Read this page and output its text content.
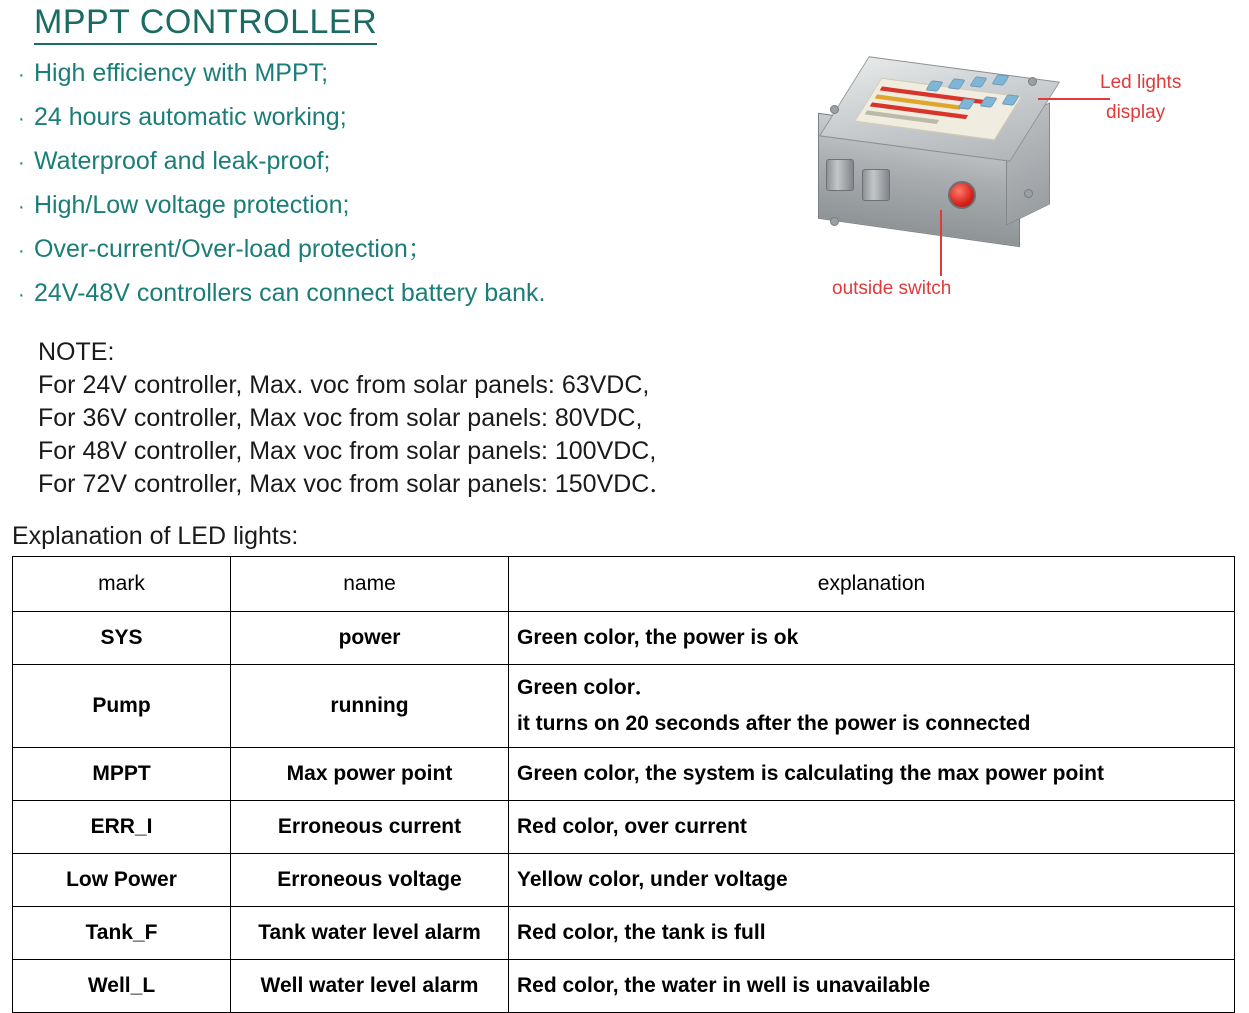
MPPT CONTROLLER
· High efficiency with MPPT;
· 24 hours automatic working;
· Waterproof and leak-proof;
· High/Low voltage protection;
· Over-current/Over-load protection；
· 24V-48V controllers can connect battery bank.
Led lights
display
outside switch
NOTE:
For 24V controller, Max. voc from solar panels: 63VDC,
For 36V controller, Max voc from solar panels: 80VDC,
For 48V controller, Max voc from solar panels: 100VDC,
For 72V controller, Max voc from solar panels: 150VDC．
Explanation of LED lights:
mark	name	explanation
SYS	power	Green color, the power is ok
Pump	running	Green color．
it turns on 20 seconds after the power is connected

MPPT	Max power point	Green color, the system is calculating the max power point
ERR_I	Erroneous current	Red color, over current
Low Power	Erroneous voltage	Yellow color, under voltage
Tank_F	Tank water level alarm	Red color, the tank is full
Well_L	Well water level alarm	Red color, the water in well is unavailable
